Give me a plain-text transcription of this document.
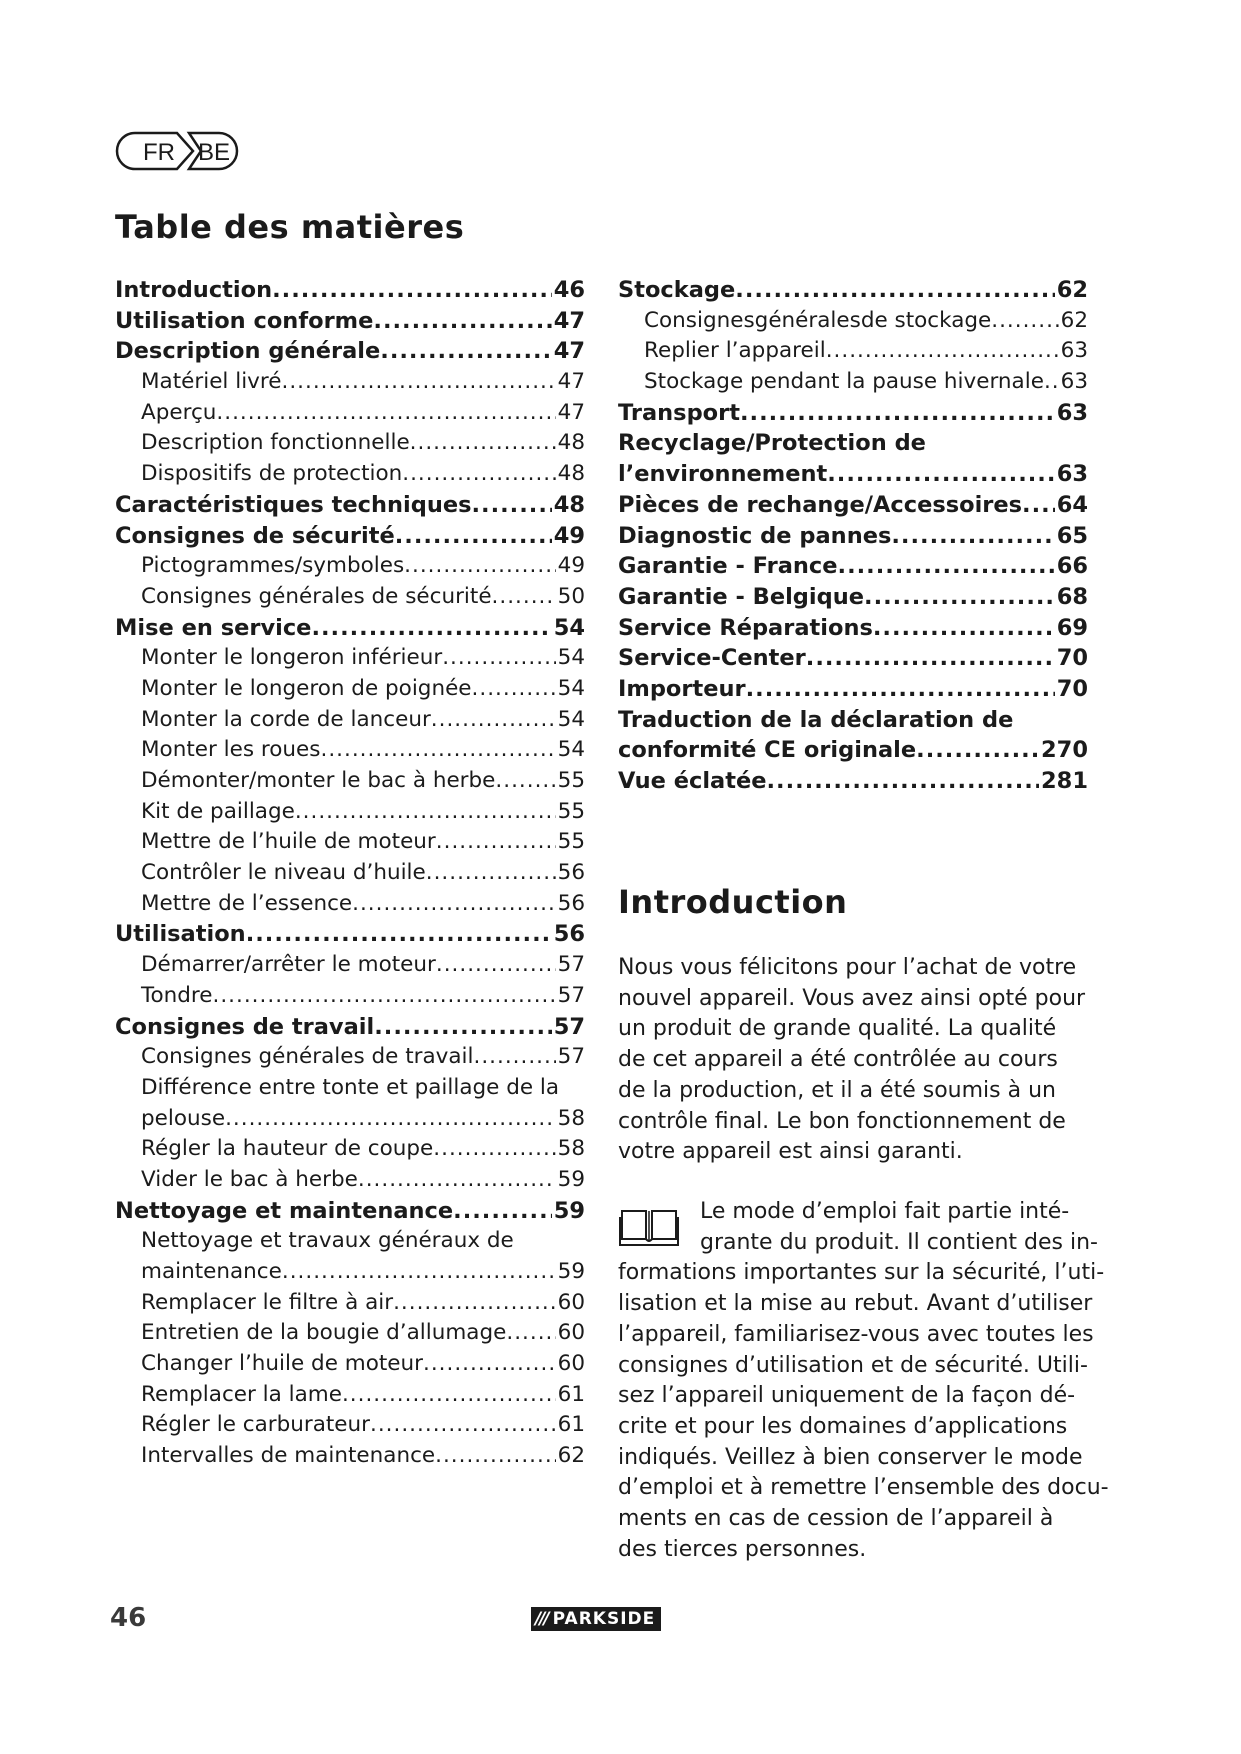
FR BE
Table des matières
Introduction .....	46
Utilisation conforme .....	47
Description générale .....	47
Matériel livré .....	47
Aperçu .....	47
Description fonctionnelle .....	48
Dispositifs de protection .....	48
Caractéristiques techniques .....	48
Consignes de sécurité .....	49
Pictogrammes/symboles .....	49
Consignes générales de sécurité .....	50
Mise en service .....	54
Monter le longeron inférieur .....	54
Monter le longeron de poignée .....	54
Monter la corde de lanceur .....	54
Monter les roues .....	54
Démonter/monter le bac à herbe .....	55
Kit de paillage .....	55
Mettre de l’huile de moteur .....	55
Contrôler le niveau d’huile .....	56
Mettre de l’essence .....	56
Utilisation .....	56
Démarrer/arrêter le moteur .....	57
Tondre .....	57
Consignes de travail .....	57
Consignes générales de travail .....	57
Différence entre tonte et paillage de la
pelouse .....	58
Régler la hauteur de coupe .....	58
Vider le bac à herbe .....	59
Nettoyage et maintenance .....	59
Nettoyage et travaux généraux de
maintenance .....	59
Remplacer le filtre à air .....	60
Entretien de la bougie d’allumage ..... 60
Changer l’huile de moteur .....	60
Remplacer la lame .....	61
Régler le carburateur .....	61
Intervalles de maintenance .....	62
Stockage .....	62
Consignesgénéralesde stockage .....	62
Replier l’appareil .....	63
Stockage pendant la pause hivernale ..... 63
Transport .....	63
Recyclage/Protection de
l’environnement .....	63
Pièces de rechange/Accessoires ..... 64
Diagnostic de pannes .....	65
Garantie - France .....	66
Garantie - Belgique .....	68
Service Réparations .....	69
Service-Center .....	70
Importeur .....	70
Traduction de la déclaration de
conformité CE originale .....	270
Vue éclatée .....	281
Introduction

Nous vous félicitons pour l’achat de votre nouvel appareil. Vous avez ainsi opté pour un produit de grande qualité. La qualité de cet appareil a été contrôlée au cours de la production, et il a été soumis à un contrôle final. Le bon fonctionnement de votre appareil est ainsi garanti.

Le mode d’emploi fait partie inté-
grante du produit. Il contient des in-
formations importantes sur la sécurité, l’uti-
lisation et la mise au rebut. Avant d’utiliser
l’appareil, familiarisez-vous avec toutes les
consignes d’utilisation et de sécurité. Utili-
sez l’appareil uniquement de la façon dé-
crite et pour les domaines d’applications
indiqués. Veillez à bien conserver le mode
d’emploi et à remettre l’ensemble des docu-
ments en cas de cession de l’appareil à
des tierces personnes.
46	/// PARKSIDE
